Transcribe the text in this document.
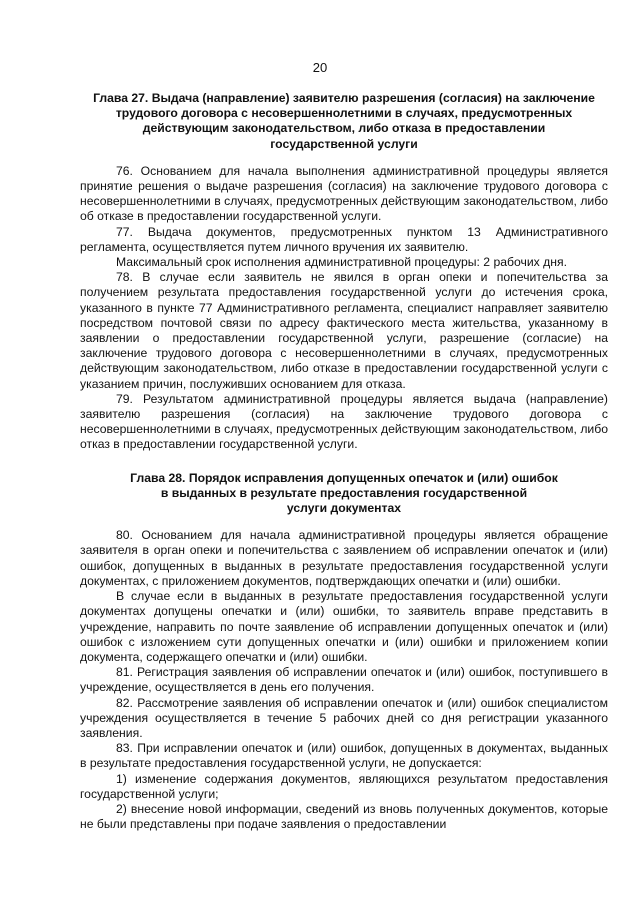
20
Глава 27. Выдача (направление) заявителю разрешения (согласия) на заключение
трудового договора с несовершеннолетними в случаях, предусмотренных
действующим законодательством, либо отказа в предоставлении
государственной услуги

76. Основанием для начала выполнения административной процедуры является принятие решения о выдаче разрешения (согласия) на заключение трудового договора с несовершеннолетними в случаях, предусмотренных действующим законодательством, либо об отказе в предоставлении государственной услуги.

77. Выдача документов, предусмотренных пунктом 13 Административного регламента, осуществляется путем личного вручения их заявителю.

Максимальный срок исполнения административной процедуры: 2 рабочих дня.

78. В случае если заявитель не явился в орган опеки и попечительства за получением результата предоставления государственной услуги до истечения срока, указанного в пункте 77 Административного регламента, специалист направляет заявителю посредством почтовой связи по адресу фактического места жительства, указанному в заявлении о предоставлении государственной услуги, разрешение (согласие) на заключение трудового договора с несовершеннолетними в случаях, предусмотренных действующим законодательством, либо отказе в предоставлении государственной услуги с указанием причин, послуживших основанием для отказа.

79. Результатом административной процедуры является выдача (направление) заявителю разрешения (согласия) на заключение трудового договора с несовершеннолетними в случаях, предусмотренных действующим законодательством, либо отказ в предоставлении государственной услуги.

Глава 28. Порядок исправления допущенных опечаток и (или) ошибок
в выданных в результате предоставления государственной
услуги документах

80. Основанием для начала административной процедуры является обращение заявителя в орган опеки и попечительства с заявлением об исправлении опечаток и (или) ошибок, допущенных в выданных в результате предоставления государственной услуги документах, с приложением документов, подтверждающих опечатки и (или) ошибки.

В случае если в выданных в результате предоставления государственной услуги документах допущены опечатки и (или) ошибки, то заявитель вправе представить в учреждение, направить по почте заявление об исправлении допущенных опечаток и (или) ошибок с изложением сути допущенных опечатки и (или) ошибки и приложением копии документа, содержащего опечатки и (или) ошибки.

81. Регистрация заявления об исправлении опечаток и (или) ошибок, поступившего в учреждение, осуществляется в день его получения.

82. Рассмотрение заявления об исправлении опечаток и (или) ошибок специалистом учреждения осуществляется в течение 5 рабочих дней со дня регистрации указанного заявления.

83. При исправлении опечаток и (или) ошибок, допущенных в документах, выданных в результате предоставления государственной услуги, не допускается:

1) изменение содержания документов, являющихся результатом предоставления государственной услуги;

2) внесение новой информации, сведений из вновь полученных документов, которые не были представлены при подаче заявления о предоставлении
